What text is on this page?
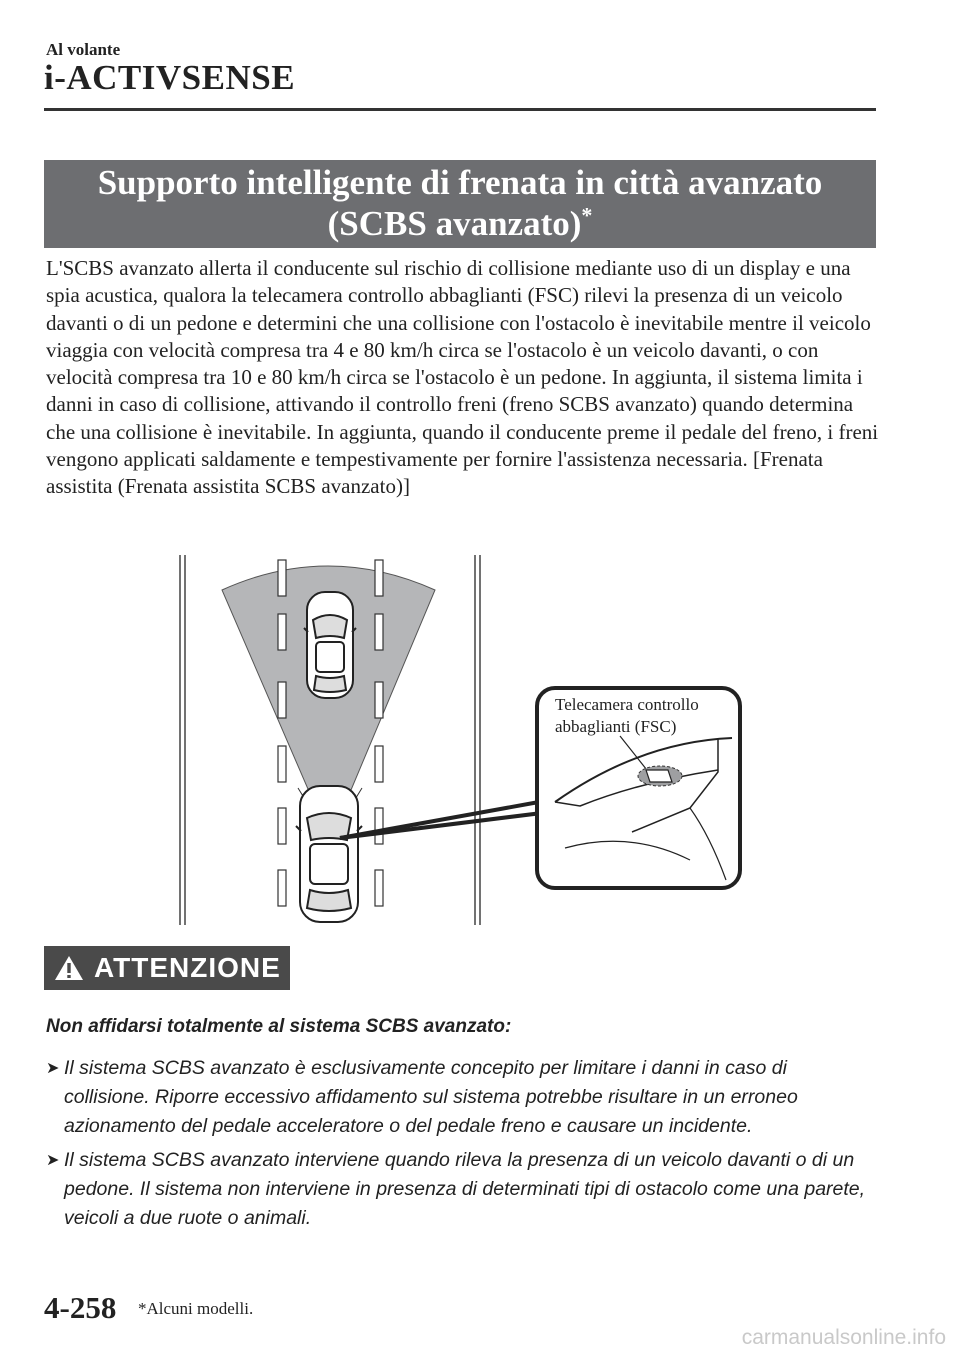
Al volante
i-ACTIVSENSE
Supporto intelligente di frenata in città avanzato (SCBS avanzato)*
L'SCBS avanzato allerta il conducente sul rischio di collisione mediante uso di un display e una spia acustica, qualora la telecamera controllo abbaglianti (FSC) rilevi la presenza di un veicolo davanti o di un pedone e determini che una collisione con l'ostacolo è inevitabile mentre il veicolo viaggia con velocità compresa tra 4 e 80 km/h circa se l'ostacolo è un veicolo davanti, o con velocità compresa tra 10 e 80 km/h circa se l'ostacolo è un pedone. In aggiunta, il sistema limita i danni in caso di collisione, attivando il controllo freni (freno SCBS avanzato) quando determina che una collisione è inevitabile. In aggiunta, quando il conducente preme il pedale del freno, i freni vengono applicati saldamente e tempestivamente per fornire l'assistenza necessaria. [Frenata assistita (Frenata assistita SCBS avanzato)]
Telecamera controllo
abbaglianti (FSC)
ATTENZIONE
Non affidarsi totalmente al sistema SCBS avanzato:
➤ Il sistema SCBS avanzato è esclusivamente concepito per limitare i danni in caso di collisione. Riporre eccessivo affidamento sul sistema potrebbe risultare in un erroneo azionamento del pedale acceleratore o del pedale freno e causare un incidente.
➤ Il sistema SCBS avanzato interviene quando rileva la presenza di un veicolo davanti o di un pedone. Il sistema non interviene in presenza di determinati tipi di ostacolo come una parete, veicoli a due ruote o animali.
4-258 *Alcuni modelli.
carmanualsonline.info
